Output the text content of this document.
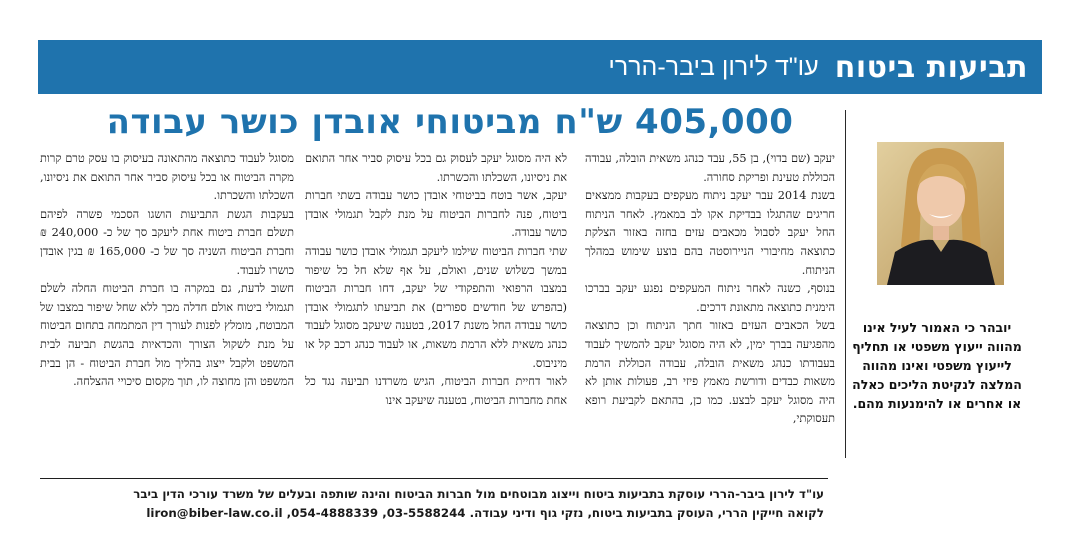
תביעות ביטוח
עו"ד לירון ביבר-הררי
יובהר כי האמור לעיל אינו מהווה ייעוץ משפטי או תחליף לייעוץ משפטי ואינו מהווה המלצה לנקיטת הליכים כאלה או אחרים או להימנעות מהם.
405,000 ש"ח מביטוחי אובדן כושר עבודה

יעקב (שם בדוי), בן 55, עבד כנהג משאית הובלה, עבודה הכוללת טעינת ופריקת סחורה.

בשנת 2014 עבר יעקב ניתוח מעקפים בעקבות ממצאים חריגים שהתגלו בבדיקת אקו לב במאמץ. לאחר הניתוח החל יעקב לסבול מכאבים עזים בחזה באזור הצלקת כתוצאה מחיבורי הניירוסטה בהם בוצע שימוש במהלך הניתוח.

בנוסף, כשנה לאחר ניתוח המעקפים נפגע יעקב בברכו הימנית כתוצאה מתאונת דרכים.

בשל הכאבים העזים באזור חתך הניתוח וכן כתוצאה מהפגיעה בברך ימין, לא היה מסוגל יעקב להמשיך לעבוד בעבודתו כנהג משאית הובלה, עבודה הכוללת הרמת משאות כבדים ודורשת מאמץ פיזי רב, פעולות אותן לא היה מסוגל יעקב לבצע. כמו כן, בהתאם לקביעת רופא תעסוקתי,

לא היה מסוגל יעקב לעסוק גם בכל עיסוק סביר אחר התואם את ניסיונו, השכלתו והכשרתו.

יעקב, אשר בוטח בביטוחי אובדן כושר עבודה בשתי חברות ביטוח, פנה לחברות הביטוח על מנת לקבל תגמולי אובדן כושר עבודה.

שתי חברות הביטוח שילמו ליעקב תגמולי אובדן כושר עבודה במשך כשלוש שנים, ואולם, על אף שלא חל כל שיפור במצבו הרפואי והתפקודי של יעקב, דחו חברות הביטוח (בהפרש של חודשים ספורים) את תביעתו לתגמולי אובדן כושר עבודה החל משנת 2017, בטענה שיעקב מסוגל לעבוד כנהג משאית ללא הרמת משאות, או לעבוד כנהג רכב קל או מיניבוס.

לאור דחיית חברות הביטוח, הגיש משרדנו תביעה נגד כל אחת מחברות הביטוח, בטענה שיעקב אינו

מסוגל לעבוד כתוצאה מהתאונה בעיסוק בו עסק טרם קרות מקרה הביטוח או בכל עיסוק סביר אחר התואם את ניסיונו, השכלתו והשכרתו.

בעקבות הגשת התביעות הושגו הסכמי פשרה לפיהם תשלם חברת ביטוח אחת ליעקב סך של כ- 240,000 ₪ וחברת הביטוח השניה סך של כ- 165,000 ₪ בגין אובדן כושרו לעבוד.

חשוב לדעת, גם במקרה בו חברת הביטוח החלה לשלם תגמולי ביטוח אולם חדלה מכך ללא שחל שיפור במצבו של המבוטח, מומלץ לפנות לעורך דין המתמחה בתחום הביטוח על מנת לשקול הצורך והכדאיות בהגשת תביעה לבית המשפט ולקבל ייצוג בהליך מול חברת הביטוח - הן בבית המשפט והן מחוצה לו, תוך מקסום סיכויי ההצלחה.

עו"ד לירון ביבר-הררי עוסקת בתביעות ביטוח וייצוג מבוטחים מול חברות הביטוח והינה שותפה ובעלים של משרד עורכי הדין ביבר

לקואה חייקין הררי, העוסק בתביעות ביטוח, נזקי גוף ודיני עבודה. 03-5588244, 054-4888339, liron@biber-law.co.il
